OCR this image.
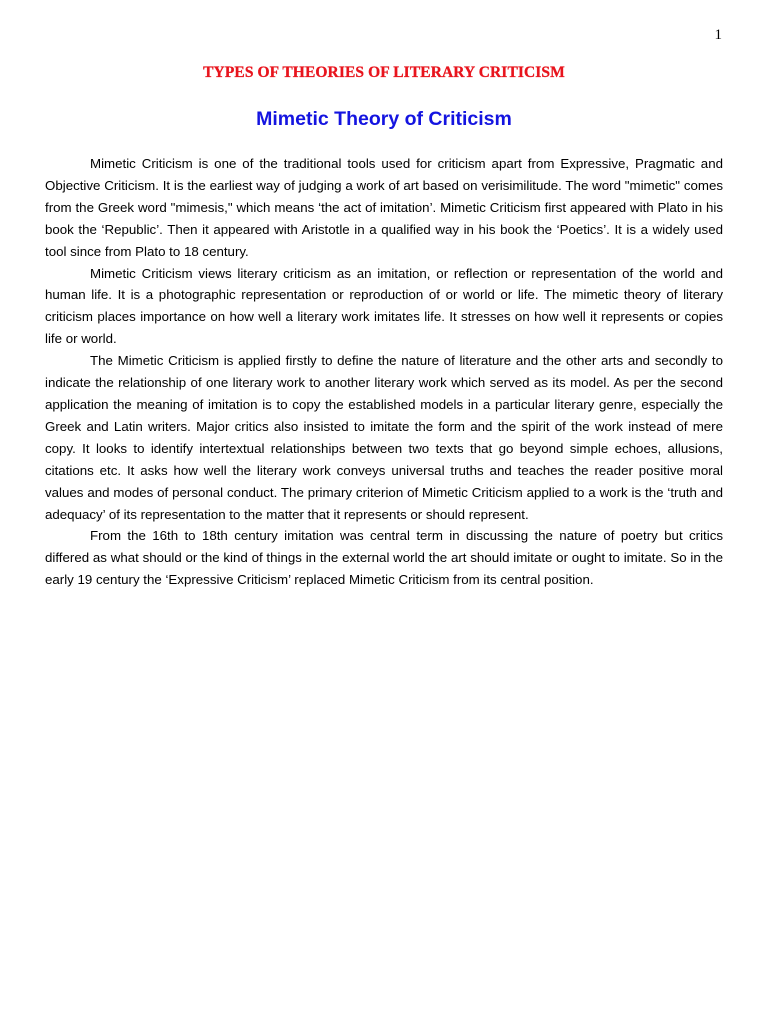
1
TYPES OF THEORIES OF LITERARY CRITICISM
Mimetic Theory of Criticism

Mimetic Criticism is one of the traditional tools used for criticism apart from Expressive, Pragmatic and Objective Criticism. It is the earliest way of judging a work of art based on verisimilitude. The word "mimetic" comes from the Greek word "mimesis," which means ‘the act of imitation’. Mimetic Criticism first appeared with Plato in his book the ‘Republic’. Then it appeared with Aristotle in a qualified way in his book the ‘Poetics’. It is a widely used tool since from Plato to 18 century.

Mimetic Criticism views literary criticism as an imitation, or reflection or representation of the world and human life. It is a photographic representation or reproduction of or world or life. The mimetic theory of literary criticism places importance on how well a literary work imitates life. It stresses on how well it represents or copies life or world.

The Mimetic Criticism is applied firstly to define the nature of literature and the other arts and secondly to indicate the relationship of one literary work to another literary work which served as its model. As per the second application the meaning of imitation is to copy the established models in a particular literary genre, especially the Greek and Latin writers. Major critics also insisted to imitate the form and the spirit of the work instead of mere copy. It looks to identify intertextual relationships between two texts that go beyond simple echoes, allusions, citations etc. It asks how well the literary work conveys universal truths and teaches the reader positive moral values and modes of personal conduct. The primary criterion of Mimetic Criticism applied to a work is the ‘truth and adequacy’ of its representation to the matter that it represents or should represent.

From the 16th to 18th century imitation was central term in discussing the nature of poetry but critics differed as what should or the kind of things in the external world the art should imitate or ought to imitate. So in the early 19 century the ‘Expressive Criticism’ replaced Mimetic Criticism from its central position.
